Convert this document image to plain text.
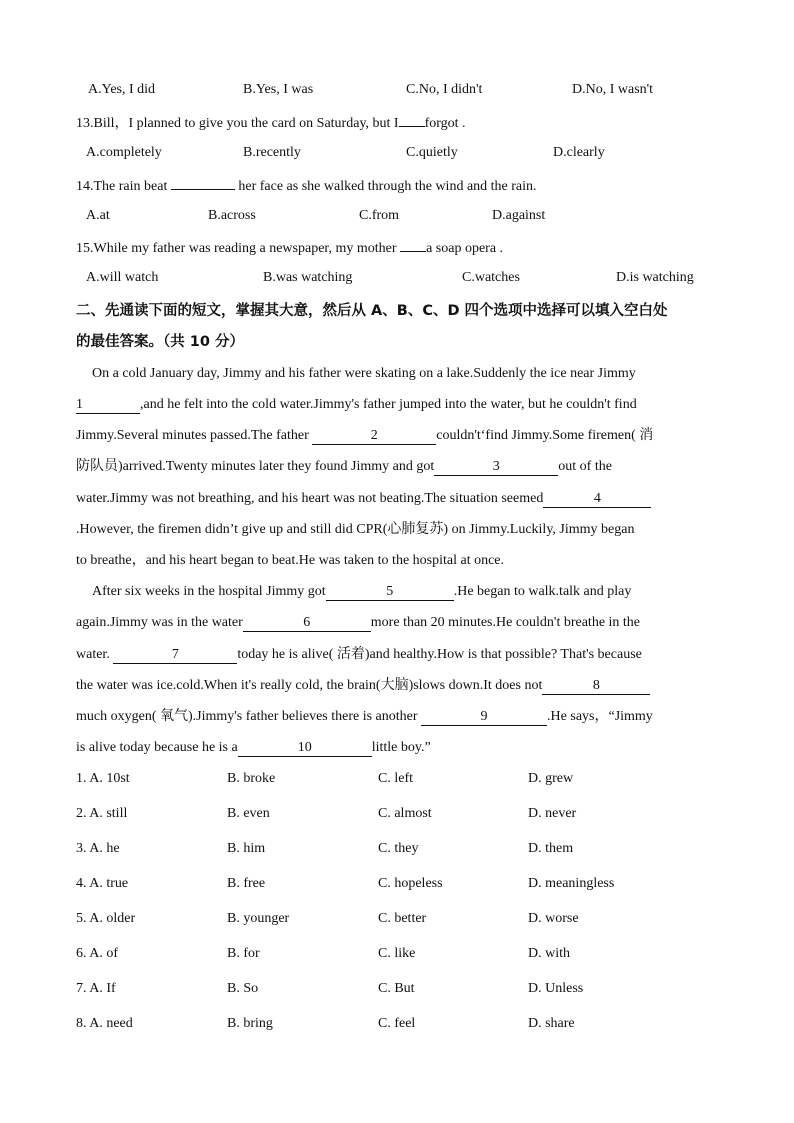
A.Yes, I did	B.Yes, I was	C.No, I didn't	D.No, I wasn't
13.Bill，I planned to give you the card on Saturday, but I forgot .
A.completely	B.recently	C.quietly	D.clearly
14.The rain beat	her face as she walked through the wind and the rain.
A.at	B.across	C.from	D.against
15.While my father was reading a newspaper, my mother a soap opera .
A.will watch	B.was watching	C.watches	D.is watching
二、先通读下面的短文，掌握其大意，然后从 A、B、C、D 四个选项中选择可以填入空白处
的最佳答案。（共 10 分）
On a cold January day, Jimmy and his father were skating on a lake.Suddenly the ice near Jimmy
1	,and he felt into the cold water.Jimmy's father jumped into the water, but he couldn't find
Jimmy.Several minutes passed.The father	2	couldn't‘find Jimmy.Some firemen( 消
防队员)arrived.Twenty minutes later they found Jimmy and got	3	out of the
water.Jimmy was not breathing, and his heart was not beating.The situation seemed	4
.However, the firemen didn’t give up and still did CPR(心肺复苏) on Jimmy.Luckily, Jimmy began
to breathe，and his heart began to beat.He was taken to the hospital at once.
After six weeks in the hospital Jimmy got	5	.He began to walk.talk and play
again.Jimmy was in the water	6	more than 20 minutes.He couldn't breathe in the
water.	7	today he is alive( 活着)and healthy.How is that possible? That's because
the water was ice.cold.When it's really cold, the brain(大脑)slows down.It does not	8
much oxygen( 氧气).Jimmy's father believes there is another	9	.He says，“Jimmy
is alive today because he is a	10	little boy.”
1. A. 10st	B. broke	C. left	D. grew
2. A. still	B. even	C. almost	D. never
3. A. he	B. him	C. they	D. them
4. A. true	B. free	C. hopeless	D. meaningless
5. A. older	B. younger	C. better	D. worse
6. A. of	B. for	C. like	D. with
7. A. If	B. So	C. But	D. Unless
8. A. need	B. bring	C. feel	D. share
